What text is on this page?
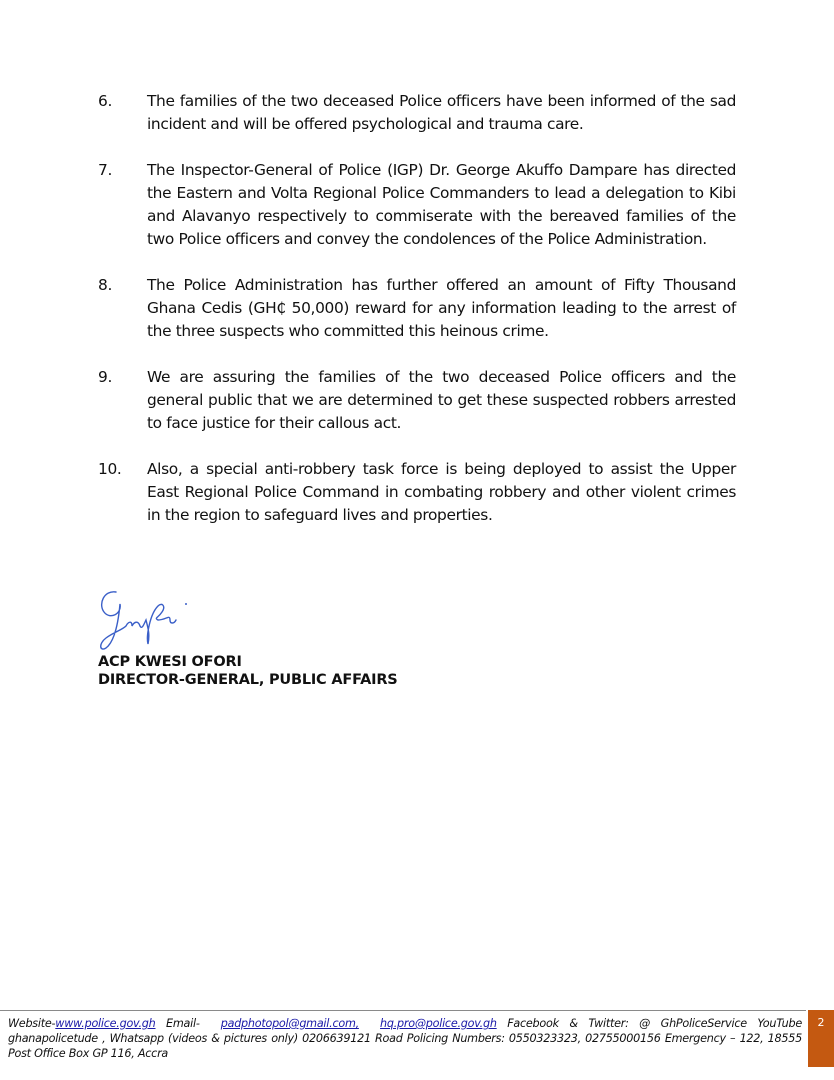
6.	The families of the two deceased Police officers have been informed of the sad incident and will be offered psychological and trauma care.
7.	The Inspector-General of Police (IGP) Dr. George Akuffo Dampare has directed the Eastern and Volta Regional Police Commanders to lead a delegation to Kibi and Alavanyo respectively to commiserate with the bereaved families of the two Police officers and convey the condolences of the Police Administration.
8.	The Police Administration has further offered an amount of Fifty Thousand Ghana Cedis (GH₵ 50,000) reward for any information leading to the arrest of the three suspects who committed this heinous crime.
9.	We are assuring the families of the two deceased Police officers and the general public that we are determined to get these suspected robbers arrested to face justice for their callous act.
10.	Also, a special anti-robbery task force is being deployed to assist the Upper East Regional Police Command in combating robbery and other violent crimes in the region to safeguard lives and properties.
ACP KWESI OFORI
DIRECTOR-GENERAL, PUBLIC AFFAIRS
Website-www.police.gov.gh Email-  padphotopol@gmail.com, hq.pro@police.gov.gh Facebook & Twitter: @ GhPoliceService YouTube ghanapolicetude , Whatsapp (videos & pictures only) 0206639121 Road Policing Numbers: 0550323323, 02755000156 Emergency – 122, 18555 Post Office Box GP 116, Accra
2
